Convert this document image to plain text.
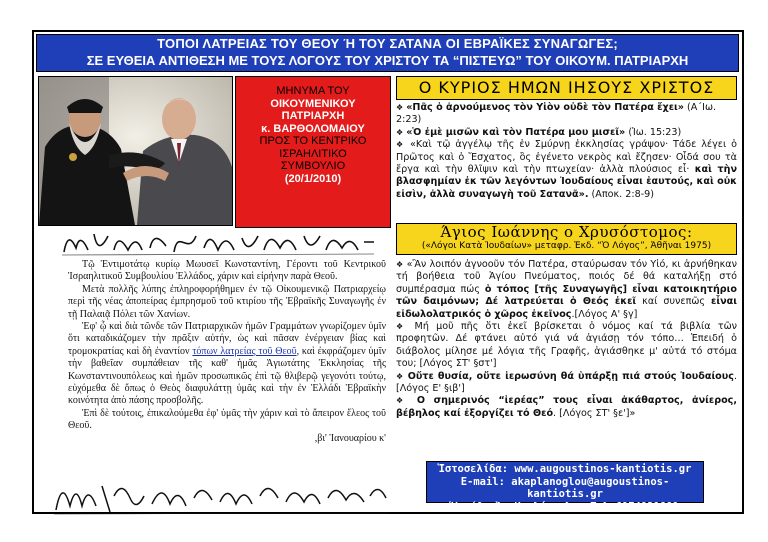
ΤΟΠΟΙ ΛΑΤΡΕΙΑΣ ΤΟΥ ΘΕΟΥ Ή ΤΟΥ ΣΑΤΑΝΑ ΟΙ ΕΒΡΑΪΚΕΣ ΣΥΝΑΓΩΓΕΣ;
ΣΕ ΕΥΘΕΙΑ ΑΝΤΙΘΕΣΗ ΜΕ ΤΟΥΣ ΛΟΓΟΥΣ ΤΟΥ ΧΡΙΣΤΟΥ ΤΑ “ΠΙΣΤΕΥΩ” ΤΟΥ ΟΙΚΟΥΜ. ΠΑΤΡΙΑΡΧΗ
ΜΗΝΥΜΑ ΤΟΥ
ΟΙΚΟΥΜΕΝΙΚΟΥ
ΠΑΤΡΙΑΡΧΗ
κ. ΒΑΡΘΟΛΟΜΑΙΟΥ
ΠΡΟΣ ΤΟ ΚΕΝΤΡΙΚΟ
ΙΣΡΑΗΛΙΤΙΚΟ
ΣΥΜΒΟΥΛΙΟ
(20/1/2010)

Τῷ Ἐντιμοτάτῳ κυρίῳ Μωυσεῖ Κωνσταντίνη, Γέροντι τοῦ Κεντρικοῦ Ἰσραηλιτικοῦ Συμβουλίου Ἑλλάδος, χάριν καὶ εἰρήνην παρὰ Θεοῦ.

Μετὰ πολλῆς λύπης ἐπληροφορήθημεν ἐν τῷ Οἰκουμενικῷ Πατριαρχείῳ περὶ τῆς νέας ἀποπείρας ἐμπρησμοῦ τοῦ κτιρίου τῆς Ἑβραϊκῆς Συναγωγῆς ἐν τῇ Παλαιᾷ Πόλει τῶν Χανίων.

Ἐφ' ᾧ καὶ διὰ τῶνδε τῶν Πατριαρχικῶν ἡμῶν Γραμμάτων γνωρίζομεν ὑμῖν ὅτι καταδικάζομεν τὴν πρᾶξιν αὐτήν, ὡς καὶ πᾶσαν ἐνέργειαν βίας καὶ τρομοκρατίας καὶ δὴ ἐναντίον τόπων λατρείας τοῦ Θεοῦ, καὶ ἐκφράζομεν ὑμῖν τὴν βαθεῖαν συμπάθειαν τῆς καθ' ἡμᾶς Ἁγιωτάτης Ἐκκλησίας τῆς Κωνσταντινουπόλεως καὶ ἡμῶν προσωπικῶς ἐπὶ τῷ θλιβερῷ γεγονότι τούτῳ, εὐχόμεθα δὲ ὅπως ὁ Θεὸς διαφυλάττῃ ὑμᾶς καὶ τὴν ἐν Ἑλλάδι Ἑβραϊκὴν κοινότητα ἀπὸ πάσης προσβολῆς.

Ἐπὶ δὲ τούτοις, ἐπικαλούμεθα ἐφ' ὑμᾶς τὴν χάριν καὶ τὸ ἄπειρον ἔλεος τοῦ Θεοῦ.

,βι' Ἰανουαρίου κ'

Ο ΚΥΡΙΟΣ ΗΜΩΝ ΙΗΣΟΥΣ ΧΡΙΣΤΟΣ

❖ «Πᾶς ὁ ἀρνούμενος τὸν Υἱὸν οὐδὲ τὸν Πατέρα ἔχει» (Α΄Ιω. 2:23)

❖ «Ὁ ἐμὲ μισῶν καὶ τὸν Πατέρα μου μισεῖ» (Ἰω. 15:23)

❖ «Καὶ τῷ ἀγγέλῳ τῆς ἐν Σμύρνῃ ἐκκλησίας γράψον· Τάδε λέγει ὁ Πρῶτος καὶ ὁ Ἔσχατος, ὃς ἐγένετο νεκρὸς καὶ ἔζησεν· Οἶδά σου τὰ ἔργα καὶ τὴν θλῖψιν καὶ τὴν πτωχείαν· ἀλλὰ πλούσιος εἶ· καὶ τὴν βλασφημίαν ἐκ τῶν λεγόντων Ἰουδαίους εἶναι ἑαυτούς, καὶ οὐκ εἰσὶν, ἀλλὰ συναγωγὴ τοῦ Σατανᾶ». (Αποκ. 2:8-9)

Άγιος Ιωάννης ο Χρυσόστομος:
(«Λόγοι Κατὰ Ἰουδαίων» μεταφρ. Ἐκδ. “Ὁ Λόγος”, Ἀθῆναι 1975)

❖ «Ἂν λοιπόν ἀγνοοῦν τόν Πατέρα, σταύρωσαν τόν Υἱό, κι ἀρνήθηκαν τή βοήθεια τοῦ Ἁγίου Πνεύματος, ποιός δέ θά καταλήξῃ στό συμπέρασμα πώς ὁ τόπος [τῆς Συναγωγῆς] εἶναι κατοικητήριο τῶν δαιμόνων; Δέ λατρεύεται ὁ Θεός ἐκεῖ καί συνεπῶς εἶναι εἰδωλολατρικός ὁ χῶρος ἐκεῖνος.[Λόγος Α' §γ]

❖ Μή μοῦ πῆς ὅτι ἐκεῖ βρίσκεται ὁ νόμος καί τά βιβλία τῶν προφητῶν. Δέ φτάνει αὐτό γιά νά ἁγιάσῃ τόν τόπο… Ἐπειδή ὁ διάβολος μίλησε μέ λόγια τῆς Γραφῆς, ἁγιάσθηκε μ' αὐτά τό στόμα του; [Λόγος ΣΤ' §στ']

❖ Οὔτε θυσία, οὔτε ἱερωσύνη θά ὑπάρξῃ πιά στούς Ἰουδαίους. [Λόγος Ε' §ιβ']

❖ Ο σημερινός “ἱερέας” τους εἶναι ἀκάθαρτος, ἀνίερος, βέβηλος καί ἐξοργίζει τό Θεό. [Λόγος ΣΤ' §ε']»

Ἱστοσελίδα: www.augoustinos-kantiotis.gr
E-mail: akaplanoglou@augoustinos-kantiotis.gr
Ὑπεύθ. Ἀ. Καπλάνογλου Τηλ 6974931881
